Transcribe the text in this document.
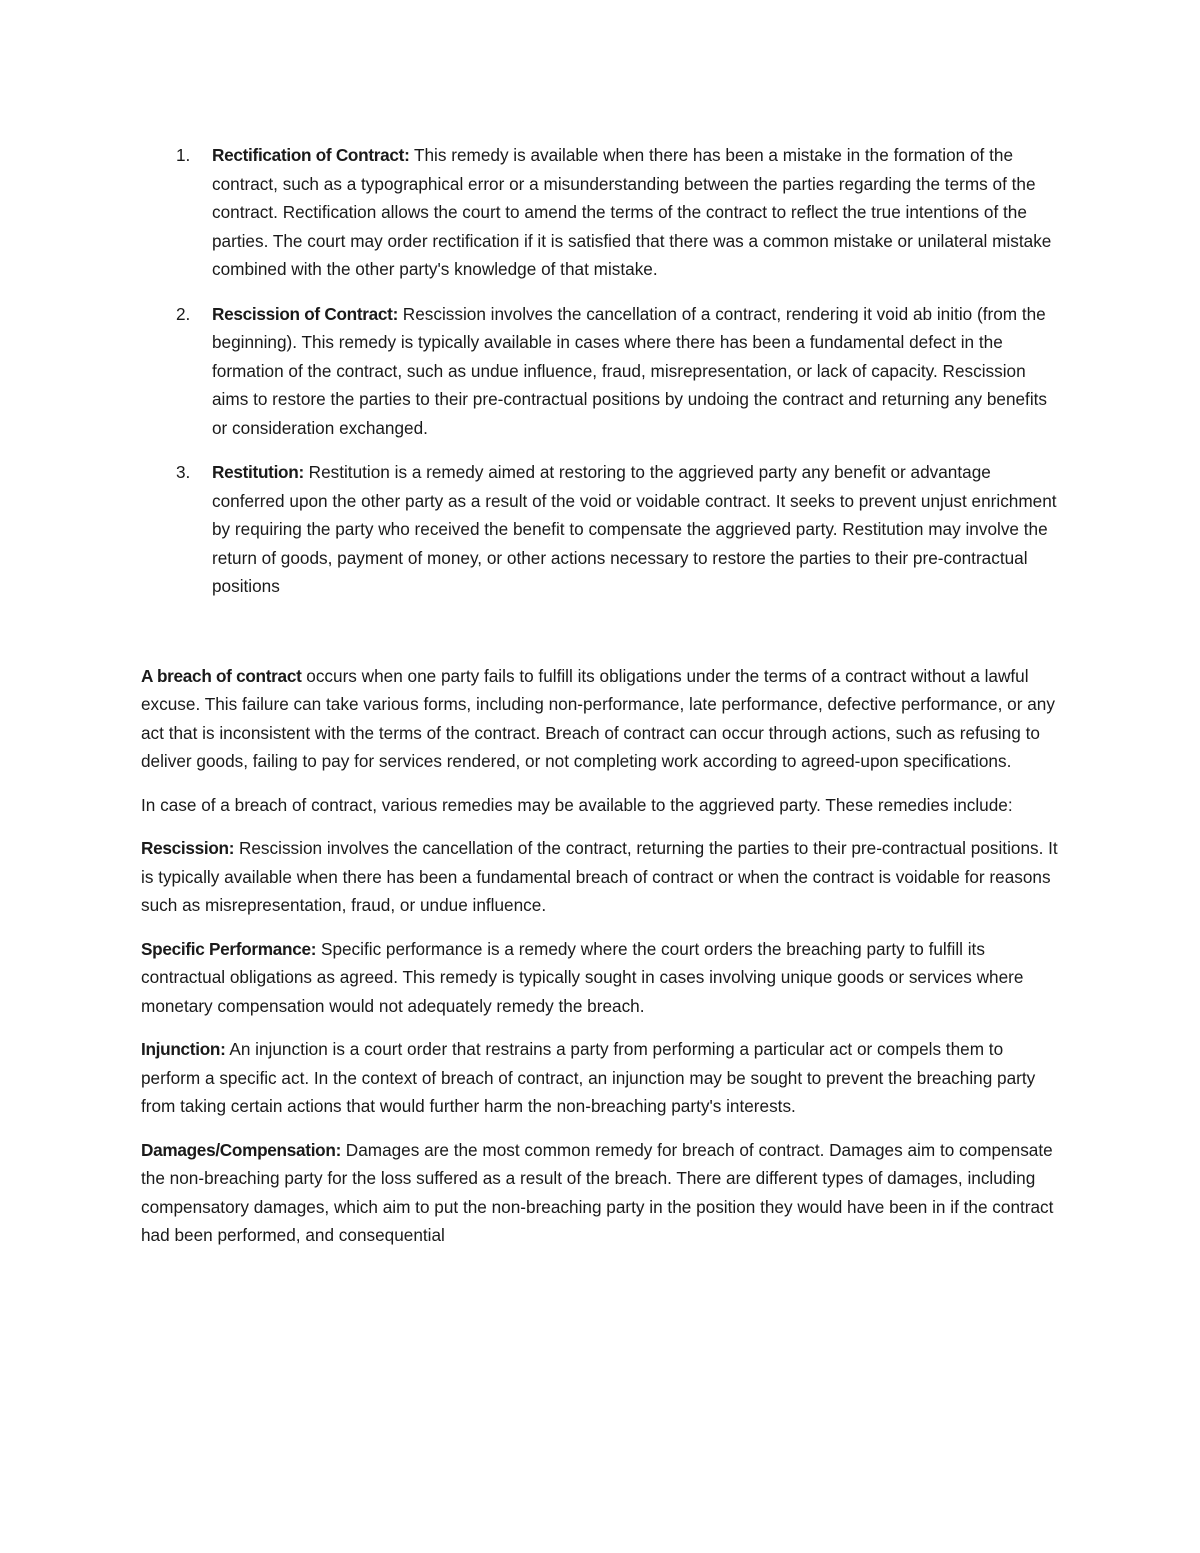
1. Rectification of Contract: This remedy is available when there has been a mistake in the formation of the contract, such as a typographical error or a misunderstanding between the parties regarding the terms of the contract. Rectification allows the court to amend the terms of the contract to reflect the true intentions of the parties. The court may order rectification if it is satisfied that there was a common mistake or unilateral mistake combined with the other party's knowledge of that mistake.
2. Rescission of Contract: Rescission involves the cancellation of a contract, rendering it void ab initio (from the beginning). This remedy is typically available in cases where there has been a fundamental defect in the formation of the contract, such as undue influence, fraud, misrepresentation, or lack of capacity. Rescission aims to restore the parties to their pre-contractual positions by undoing the contract and returning any benefits or consideration exchanged.
3. Restitution: Restitution is a remedy aimed at restoring to the aggrieved party any benefit or advantage conferred upon the other party as a result of the void or voidable contract. It seeks to prevent unjust enrichment by requiring the party who received the benefit to compensate the aggrieved party. Restitution may involve the return of goods, payment of money, or other actions necessary to restore the parties to their pre-contractual positions

A breach of contract occurs when one party fails to fulfill its obligations under the terms of a contract without a lawful excuse. This failure can take various forms, including non-performance, late performance, defective performance, or any act that is inconsistent with the terms of the contract. Breach of contract can occur through actions, such as refusing to deliver goods, failing to pay for services rendered, or not completing work according to agreed-upon specifications.

In case of a breach of contract, various remedies may be available to the aggrieved party. These remedies include:

Rescission: Rescission involves the cancellation of the contract, returning the parties to their pre-contractual positions. It is typically available when there has been a fundamental breach of contract or when the contract is voidable for reasons such as misrepresentation, fraud, or undue influence.

Specific Performance: Specific performance is a remedy where the court orders the breaching party to fulfill its contractual obligations as agreed. This remedy is typically sought in cases involving unique goods or services where monetary compensation would not adequately remedy the breach.

Injunction: An injunction is a court order that restrains a party from performing a particular act or compels them to perform a specific act. In the context of breach of contract, an injunction may be sought to prevent the breaching party from taking certain actions that would further harm the non-breaching party's interests.

Damages/Compensation: Damages are the most common remedy for breach of contract. Damages aim to compensate the non-breaching party for the loss suffered as a result of the breach. There are different types of damages, including compensatory damages, which aim to put the non-breaching party in the position they would have been in if the contract had been performed, and consequential
